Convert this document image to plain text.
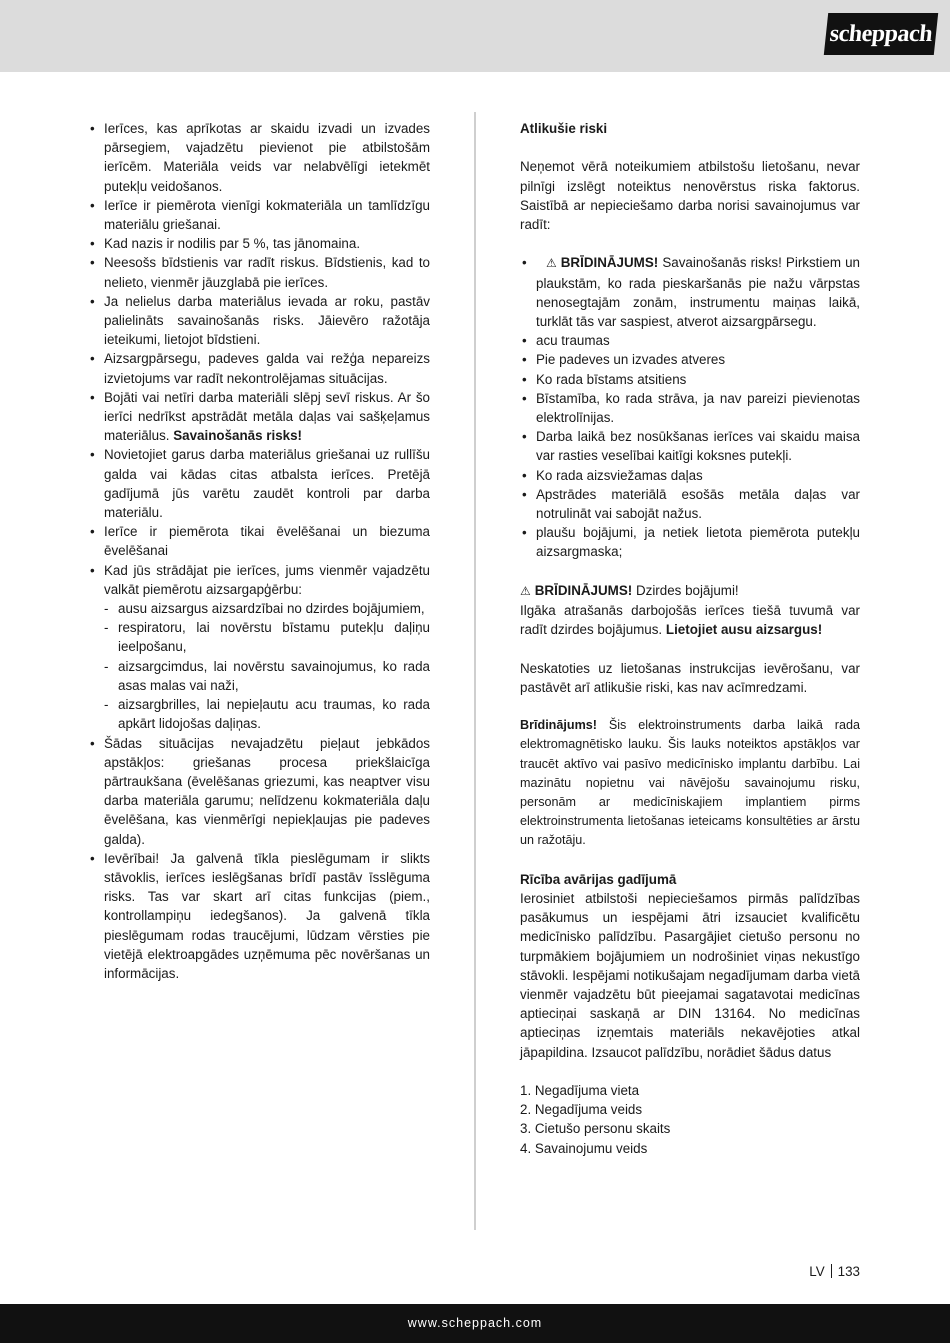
scheppach
• Ierīces, kas aprīkotas ar skaidu izvadi un izvades pārsegiem, vajadzētu pievienot pie atbilstošām ierīcēm. Materiāla veids var nelabvēlīgi ietekmēt putekļu veidošanos.
• Ierīce ir piemērota vienīgi kokmateriāla un tamlīdzīgu materiālu griešanai.
• Kad nazis ir nodilis par 5 %, tas jānomaina.
• Neesošs bīdstienis var radīt riskus. Bīdstienis, kad to nelieto, vienmēr jāuzglabā pie ierīces.
• Ja nelielus darba materiālus ievada ar roku, pastāv palielināts savainošanās risks. Jāievēro ražotāja ieteikumi, lietojot bīdstieni.
• Aizsargpārsegu, padeves galda vai režģa nepareizs izvietojums var radīt nekontrolējamas situācijas.
• Bojāti vai netīri darba materiāli slēpj sevī riskus. Ar šo ierīci nedrīkst apstrādāt metāla daļas vai sašķeļamus materiālus. Savainošanās risks!
• Novietojiet garus darba materiālus griešanai uz rullīšu galda vai kādas citas atbalsta ierīces. Pretējā gadījumā jūs varētu zaudēt kontroli par darba materiālu.
• Ierīce ir piemērota tikai ēvelēšanai un biezuma ēvelēšanai
• Kad jūs strādājat pie ierīces, jums vienmēr vajadzētu valkāt piemērotu aizsargapģērbu:
- ausu aizsargus aizsardzībai no dzirdes bojājumiem,
- respiratoru, lai novērstu bīstamu putekļu daļiņu ieelpošanu,
- aizsargcimdus, lai novērstu savainojumus, ko rada asas malas vai naži,
- aizsargbrilles, lai nepieļautu acu traumas, ko rada apkārt lidojošas daļiņas.
• Šādas situācijas nevajadzētu pieļaut jebkādos apstākļos: griešanas procesa priekšlaicīga pārtraukšana (ēvelēšanas griezumi, kas neaptver visu darba materiāla garumu; nelīdzenu kokmateriāla daļu ēvelēšana, kas vienmērīgi nepiekļaujas pie padeves galda).
• Ievērībai! Ja galvenā tīkla pieslēgumam ir slikts stāvoklis, ierīces ieslēgšanas brīdī pastāv īsslēguma risks. Tas var skart arī citas funkcijas (piem., kontrollampiņu iedegšanos). Ja galvenā tīkla pieslēgumam rodas traucējumi, lūdzam vērsties pie vietējā elektroapgādes uzņēmuma pēc novēršanas un informācijas.

Atlikušie riski

Neņemot vērā noteikumiem atbilstošu lietošanu, nevar pilnīgi izslēgt noteiktus nenovērstus riska faktorus. Saistībā ar nepieciešamo darba norisi savainojumus var radīt:

• ⚠ BRĪDINĀJUMS! Savainošanās risks! Pirkstiem un plaukstām, ko rada pieskaršanās pie nažu vārpstas nenosegtajām zonām, instrumentu maiņas laikā, turklāt tās var saspiest, atverot aizsargpārsegu.
• acu traumas
• Pie padeves un izvades atveres
• Ko rada bīstams atsitiens
• Bīstamība, ko rada strāva, ja nav pareizi pievienotas elektrolīnijas.
• Darba laikā bez nosūkšanas ierīces vai skaidu maisa var rasties veselībai kaitīgi koksnes putekļi.
• Ko rada aizsviežamas daļas
• Apstrādes materiālā esošās metāla daļas var notrulināt vai sabojāt nažus.
• plaušu bojājumi, ja netiek lietota piemērota putekļu aizsargmaska;

⚠ BRĪDINĀJUMS! Dzirdes bojājumi!

Ilgāka atrašanās darbojošās ierīces tiešā tuvumā var radīt dzirdes bojājumus. Lietojiet ausu aizsargus!

Neskatoties uz lietošanas instrukcijas ievērošanu, var pastāvēt arī atlikušie riski, kas nav acīmredzami.

Brīdinājums! Šis elektroinstruments darba laikā rada elektromagnētisko lauku. Šis lauks noteiktos apstākļos var traucēt aktīvo vai pasīvo medicīnisko implantu darbību. Lai mazinātu nopietnu vai nāvējošu savainojumu risku, personām ar medicīniskajiem implantiem pirms elektroinstrumenta lietošanas ieteicams konsultēties ar ārstu un ražotāju.

Rīcība avārijas gadījumā

Ierosiniet atbilstoši nepieciešamos pirmās palīdzības pasākumus un iespējami ātri izsauciet kvalificētu medicīnisko palīdzību. Pasargājiet cietušo personu no turpmākiem bojājumiem un nodrošiniet viņas nekustīgo stāvokli. Iespējami notikušajam negadījumam darba vietā vienmēr vajadzētu būt pieejamai sagatavotai medicīnas aptieciņai saskaņā ar DIN 13164. No medicīnas aptieciņas izņemtais materiāls nekavējoties atkal jāpapildina. Izsaucot palīdzību, norādiet šādus datus

1. Negadījuma vieta
2. Negadījuma veids
3. Cietušo personu skaits
4. Savainojumu veids
LV 133
www.scheppach.com
